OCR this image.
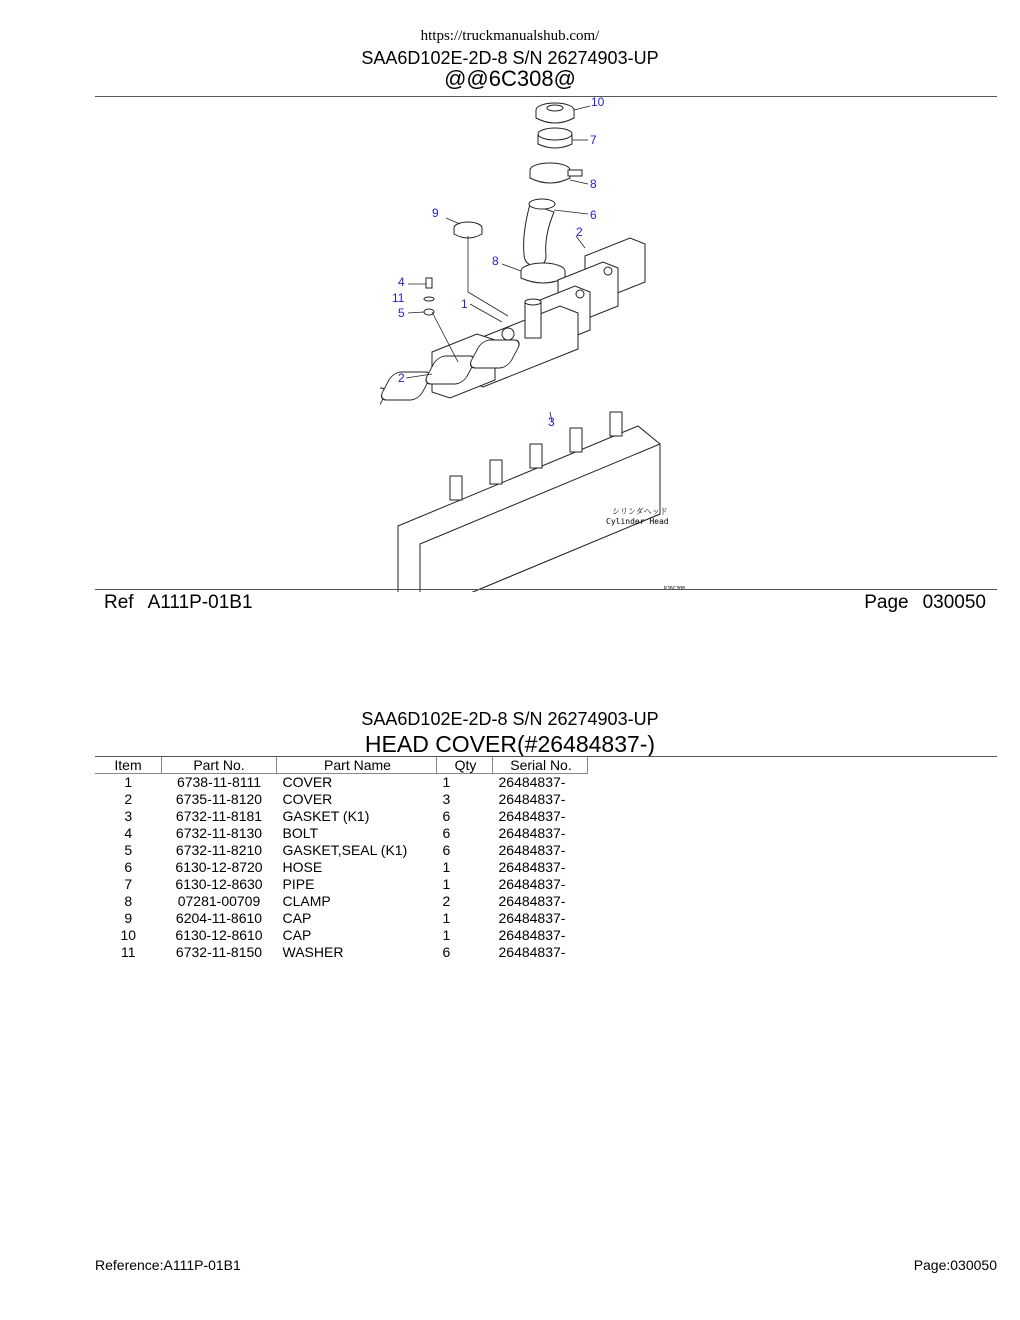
https://truckmanualshub.com/
SAA6D102E-2D-8 S/N 26274903-UP
@@6C308@
10
7
8
6
9
2
8
4
11	1
5
2
3
シリンダヘッド
Cylinder Head
PJ6C308
Ref A111P-01B1	Page 030050
SAA6D102E-2D-8 S/N 26274903-UP
HEAD COVER(#26484837-)
Item	Part No.	Part Name	Qty	Serial No.
1	6738-11-8111	COVER	1	26484837-
2	6735-11-8120	COVER	3	26484837-
3	6732-11-8181	GASKET (K1)	6	26484837-
4	6732-11-8130	BOLT	6	26484837-
5	6732-11-8210	GASKET,SEAL (K1)	6	26484837-
6	6130-12-8720	HOSE	1	26484837-
7	6130-12-8630	PIPE	1	26484837-
8	07281-00709	CLAMP	2	26484837-
9	6204-11-8610	CAP	1	26484837-
10	6130-12-8610	CAP	1	26484837-
11	6732-11-8150	WASHER	6	26484837-
Reference:A111P-01B1	Page:030050
